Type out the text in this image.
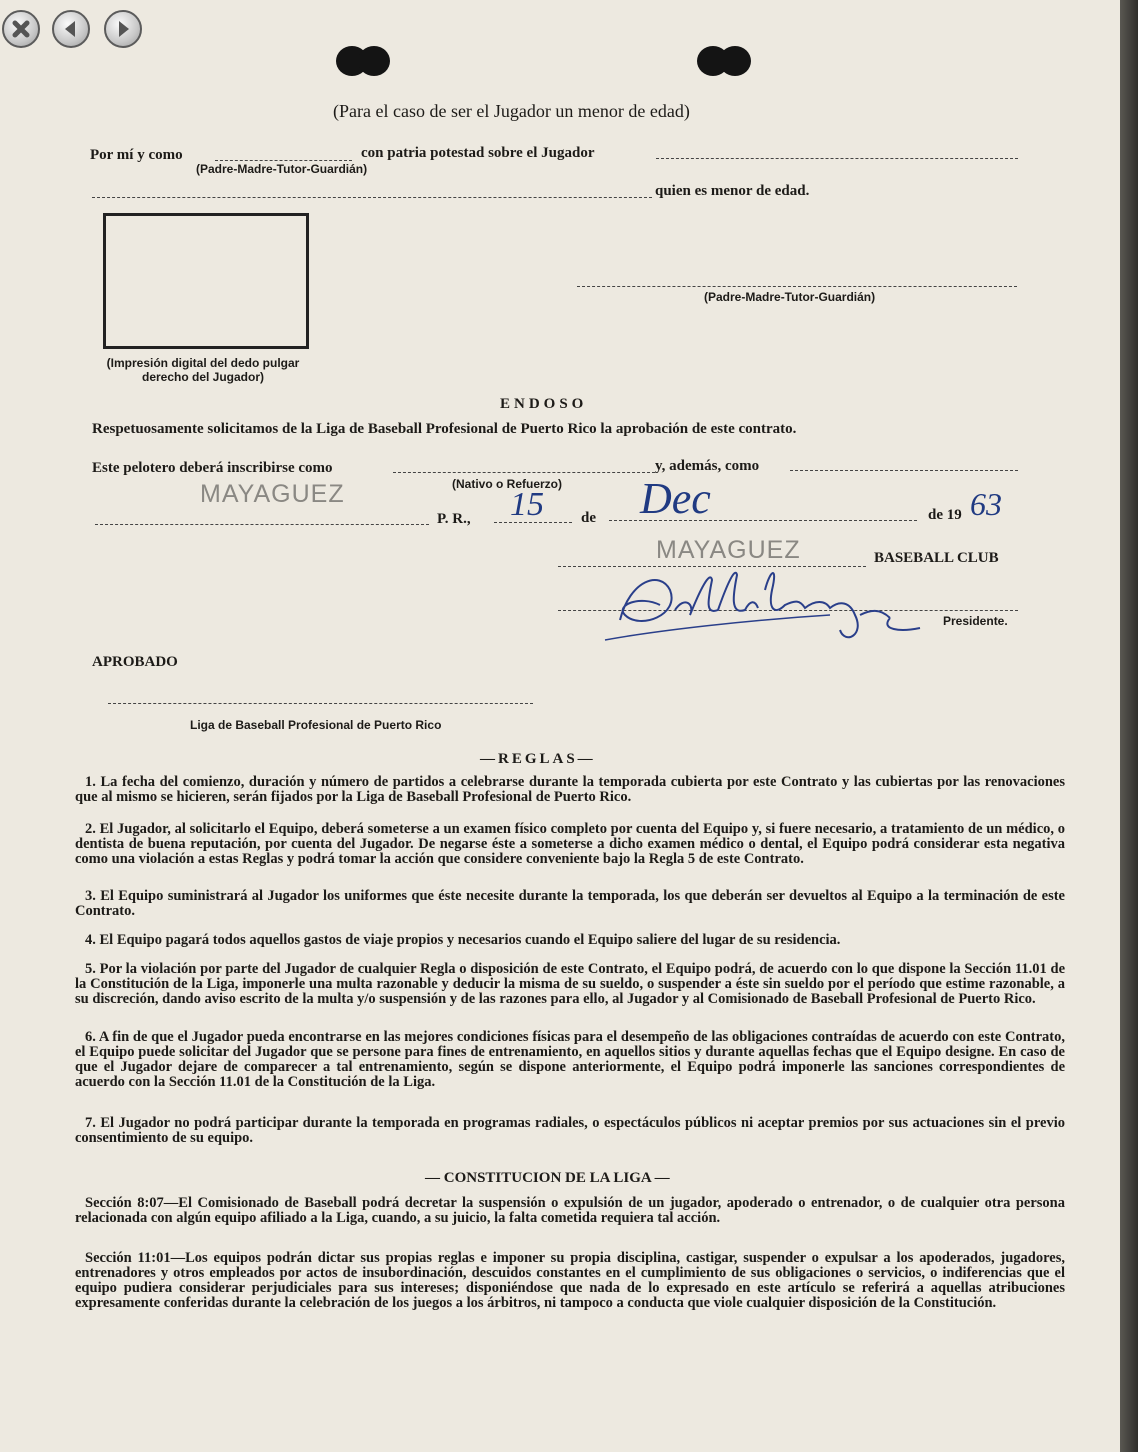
(Para el caso de ser el Jugador un menor de edad)
Por mí y como	con patria potestad sobre el Jugador
(Padre-Madre-Tutor-Guardián)
quien es menor de edad.
(Impresión digital del dedo pulgar
derecho del Jugador)
(Padre-Madre-Tutor-Guardián)
ENDOSO
Respetuosamente solicitamos de la Liga de Baseball Profesional de Puerto Rico la aprobación de este contrato.
Este pelotero deberá inscribirse como	y, además, como
(Nativo o Refuerzo)
MAYAGUEZ
P. R., 15 de Dec	de 19 63
MAYAGUEZ	BASEBALL CLUB
Presidente.
APROBADO
Liga de Baseball Profesional de Puerto Rico
—REGLAS—
1. La fecha del comienzo, duración y número de partidos a celebrarse durante la temporada cubierta por este Contrato y las cubiertas por las renovaciones que al mismo se hicieren, serán fijados por la Liga de Baseball Profesional de Puerto Rico.
2. El Jugador, al solicitarlo el Equipo, deberá someterse a un examen físico completo por cuenta del Equipo y, si fuere necesario, a tratamiento de un médico, o dentista de buena reputación, por cuenta del Jugador. De negarse éste a someterse a dicho examen médico o dental, el Equipo podrá considerar esta negativa como una violación a estas Reglas y podrá tomar la acción que considere conveniente bajo la Regla 5 de este Contrato.
3. El Equipo suministrará al Jugador los uniformes que éste necesite durante la temporada, los que deberán ser devueltos al Equipo a la terminación de este Contrato.
4. El Equipo pagará todos aquellos gastos de viaje propios y necesarios cuando el Equipo saliere del lugar de su residencia.
5. Por la violación por parte del Jugador de cualquier Regla o disposición de este Contrato, el Equipo podrá, de acuerdo con lo que dispone la Sección 11.01 de la Constitución de la Liga, imponerle una multa razonable y deducir la misma de su sueldo, o suspender a éste sin sueldo por el período que estime razonable, a su discreción, dando aviso escrito de la multa y/o suspensión y de las razones para ello, al Jugador y al Comisionado de Baseball Profesional de Puerto Rico.
6. A fin de que el Jugador pueda encontrarse en las mejores condiciones físicas para el desempeño de las obligaciones contraídas de acuerdo con este Contrato, el Equipo puede solicitar del Jugador que se persone para fines de entrenamiento, en aquellos sitios y durante aquellas fechas que el Equipo designe. En caso de que el Jugador dejare de comparecer a tal entrenamiento, según se dispone anteriormente, el Equipo podrá imponerle las sanciones correspondientes de acuerdo con la Sección 11.01 de la Constitución de la Liga.
7. El Jugador no podrá participar durante la temporada en programas radiales, o espectáculos públicos ni aceptar premios por sus actuaciones sin el previo consentimiento de su equipo.
— CONSTITUCION DE LA LIGA —
Sección 8:07—El Comisionado de Baseball podrá decretar la suspensión o expulsión de un jugador, apoderado o entrenador, o de cualquier otra persona relacionada con algún equipo afiliado a la Liga, cuando, a su juicio, la falta cometida requiera tal acción.
Sección 11:01—Los equipos podrán dictar sus propias reglas e imponer su propia disciplina, castigar, suspender o expulsar a los apoderados, jugadores, entrenadores y otros empleados por actos de insubordinación, descuidos constantes en el cumplimiento de sus obligaciones o servicios, o indiferencias que el equipo pudiera considerar perjudiciales para sus intereses; disponiéndose que nada de lo expresado en este artículo se referirá a aquellas atribuciones expresamente conferidas durante la celebración de los juegos a los árbitros, ni tampoco a conducta que viole cualquier disposición de la Constitución.
